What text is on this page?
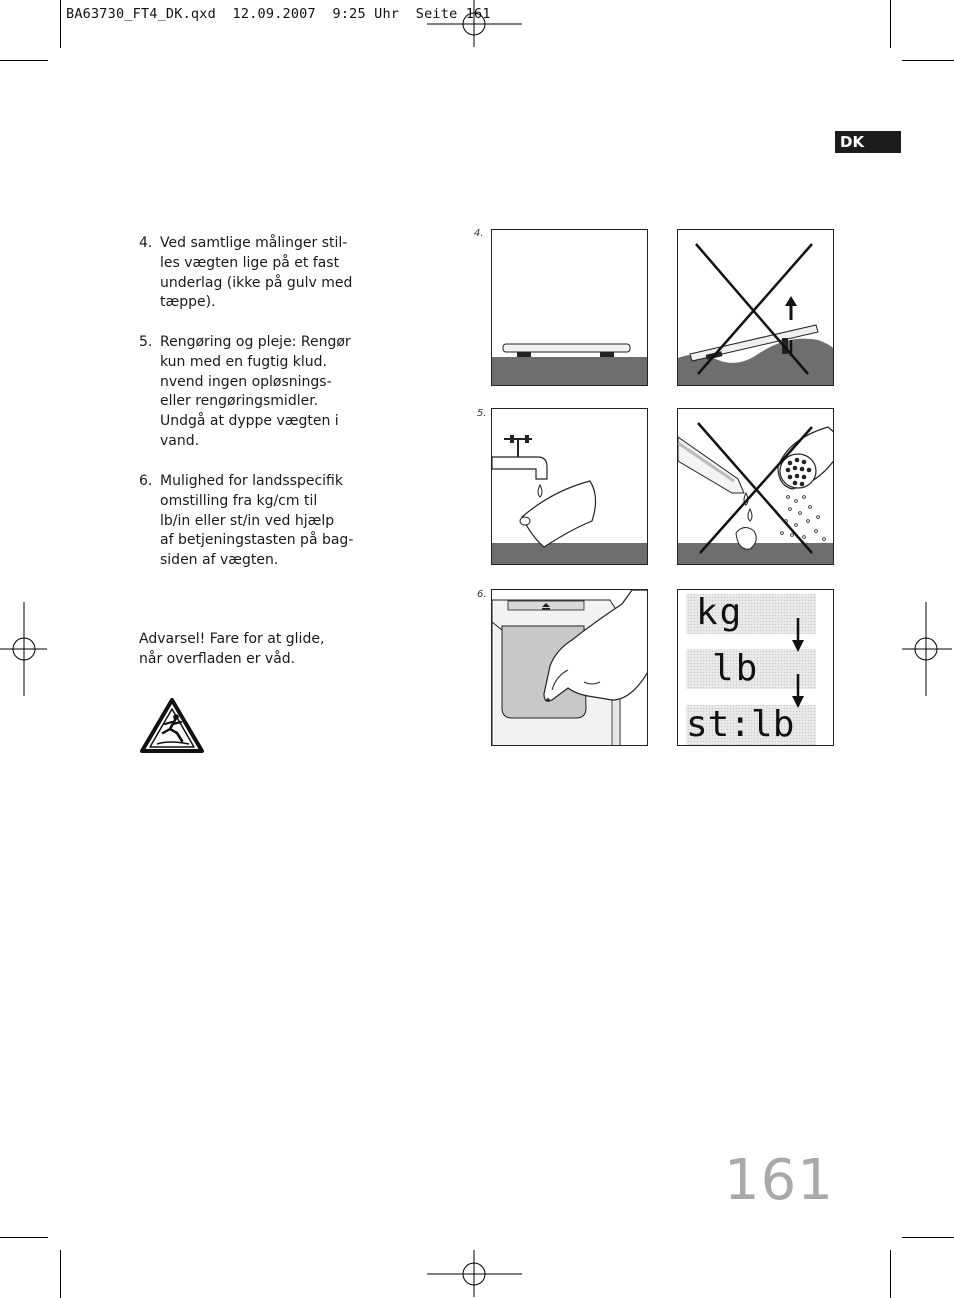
BA63730_FT4_DK.qxd  12.09.2007  9:25 Uhr  Seite 161
DK
4. Ved samtlige målinger stil-
les vægten lige på et fast
underlag (ikke på gulv med
tæppe).
5. Rengøring og pleje: Rengør
kun med en fugtig klud.
nvend ingen opløsnings-
eller rengøringsmidler.
Undgå at dyppe vægten i
vand.
6. Mulighed for landsspecifik
omstilling fra kg/cm til
lb/in eller st/in ved hjælp
af betjeningstasten på bag-
siden af vægten.
Advarsel! Fare for at glide,
når overfladen er våd.
4.
5.
6.	kg
lb
st:lb
161
